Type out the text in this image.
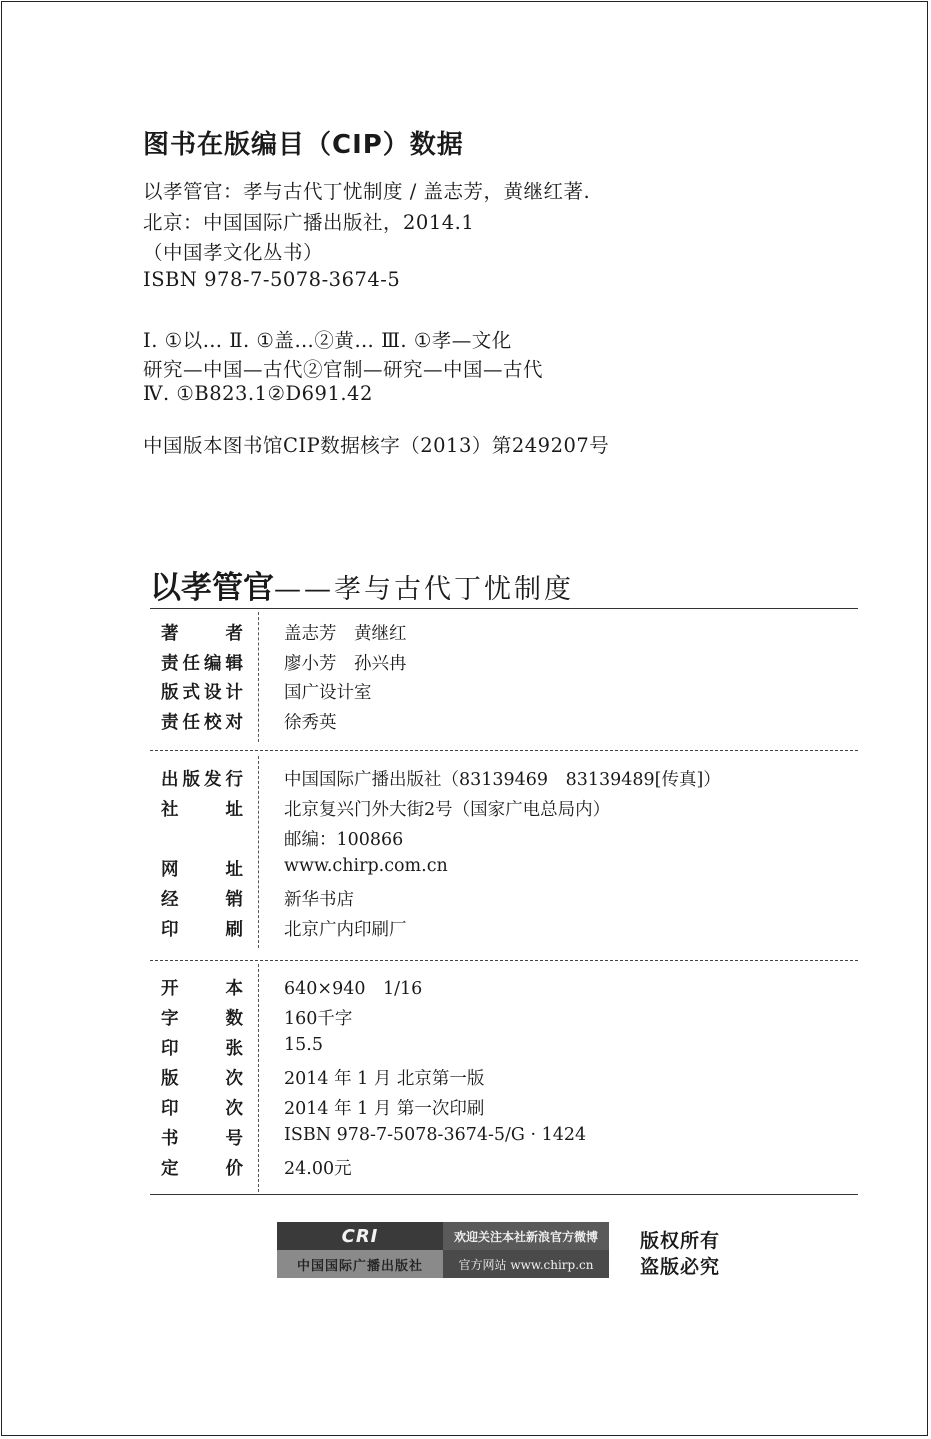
图书在版编目（CIP）数据
以孝管官：孝与古代丁忧制度 / 盖志芳，黄继红著.
北京：中国国际广播出版社，2014.1
（中国孝文化丛书）
ISBN 978-7-5078-3674-5
Ⅰ. ①以… Ⅱ. ①盖…②黄… Ⅲ. ①孝—文化
研究—中国—古代②官制—研究—中国—古代
Ⅳ. ①B823.1②D691.42
中国版本图书馆CIP数据核字（2013）第249207号
以孝管官——孝与古代丁忧制度
著	者 盖志芳　黄继红
责 任 编 辑 廖小芳　孙兴冉
版 式 设 计 国广设计室
责 任 校 对 徐秀英
出 版 发 行 中国国际广播出版社（83139469　83139489[传真]）
社	址 北京复兴门外大街2号（国家广电总局内）
邮编：100866
网	址 www.chirp.com.cn
经	销 新华书店
印	刷 北京广内印刷厂
开	本 640×940　1/16
字	数 160千字
印	张 15.5
版	次 2014 年 1 月 北京第一版
印	次 2014 年 1 月 第一次印刷
书	号 ISBN 978-7-5078-3674-5/G · 1424
定	价 24.00元
CRI	欢迎关注本社新浪官方微博
中国国际广播出版社	官方网站 www.chirp.cn
版权所有
盗版必究
